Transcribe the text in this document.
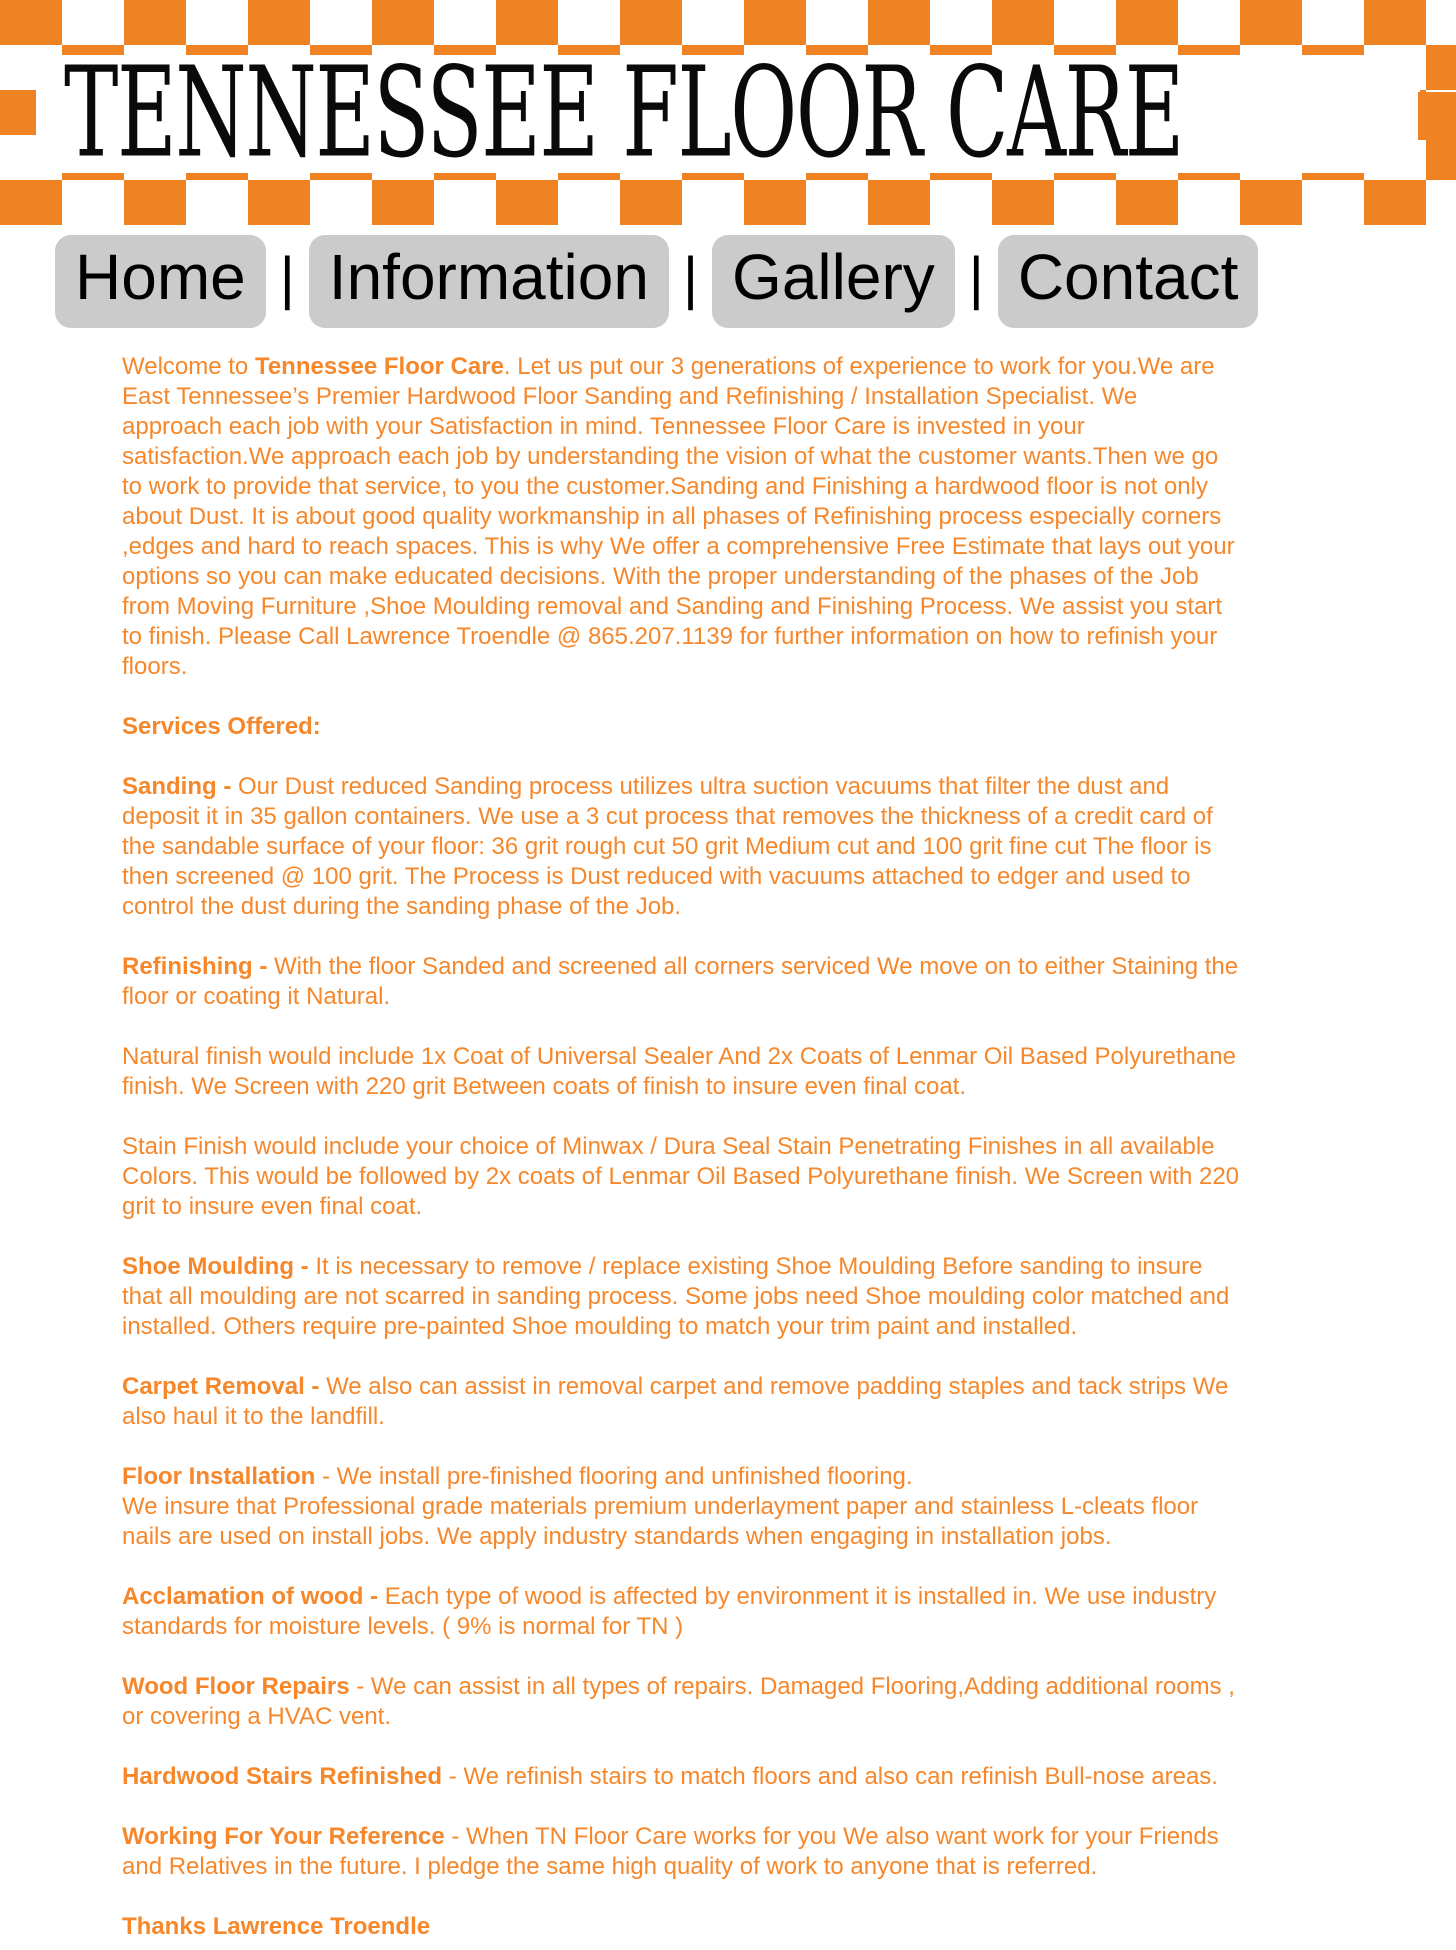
TENNESSEE FLOOR CARE
Home | Information | Gallery | Contact

Welcome to Tennessee Floor Care. Let us put our 3 generations of experience to work for you.We are East Tennessee’s Premier Hardwood Floor Sanding and Refinishing / Installation Specialist. We approach each job with your Satisfaction in mind. Tennessee Floor Care is invested in your satisfaction.We approach each job by understanding the vision of what the customer wants.Then we go to work to provide that service, to you the customer.Sanding and Finishing a hardwood floor is not only about Dust. It is about good quality workmanship in all phases of Refinishing process especially corners ,edges and hard to reach spaces. This is why We offer a comprehensive Free Estimate that lays out your options so you can make educated decisions. With the proper understanding of the phases of the Job from Moving Furniture ,Shoe Moulding removal and Sanding and Finishing Process. We assist you start to finish. Please Call Lawrence Troendle @ 865.207.1139 for further information on how to refinish your floors.

Services Offered:

Sanding - Our Dust reduced Sanding process utilizes ultra suction vacuums that filter the dust and deposit it in 35 gallon containers. We use a 3 cut process that removes the thickness of a credit card of the sandable surface of your floor: 36 grit rough cut 50 grit Medium cut and 100 grit fine cut The floor is then screened @ 100 grit. The Process is Dust reduced with vacuums attached to edger and used to control the dust during the sanding phase of the Job.

Refinishing - With the floor Sanded and screened all corners serviced We move on to either Staining the floor or coating it Natural.

Natural finish would include 1x Coat of Universal Sealer And 2x Coats of Lenmar Oil Based Polyurethane finish. We Screen with 220 grit Between coats of finish to insure even final coat.

Stain Finish would include your choice of Minwax / Dura Seal Stain Penetrating Finishes in all available Colors. This would be followed by 2x coats of Lenmar Oil Based Polyurethane finish. We Screen with 220 grit to insure even final coat.

Shoe Moulding - It is necessary to remove / replace existing Shoe Moulding Before sanding to insure that all moulding are not scarred in sanding process. Some jobs need Shoe moulding color matched and installed. Others require pre-painted Shoe moulding to match your trim paint and installed.

Carpet Removal - We also can assist in removal carpet and remove padding staples and tack strips We also haul it to the landfill.

Floor Installation - We install pre-finished flooring and unfinished flooring.
We insure that Professional grade materials premium underlayment paper and stainless L-cleats floor nails are used on install jobs. We apply industry standards when engaging in installation jobs.

Acclamation of wood - Each type of wood is affected by environment it is installed in. We use industry standards for moisture levels. ( 9% is normal for TN )

Wood Floor Repairs - We can assist in all types of repairs. Damaged Flooring,Adding additional rooms , or covering a HVAC vent.

Hardwood Stairs Refinished - We refinish stairs to match floors and also can refinish Bull-nose areas.

Working For Your Reference - When TN Floor Care works for you We also want work for your Friends and Relatives in the future. I pledge the same high quality of work to anyone that is referred.

Thanks Lawrence Troendle
